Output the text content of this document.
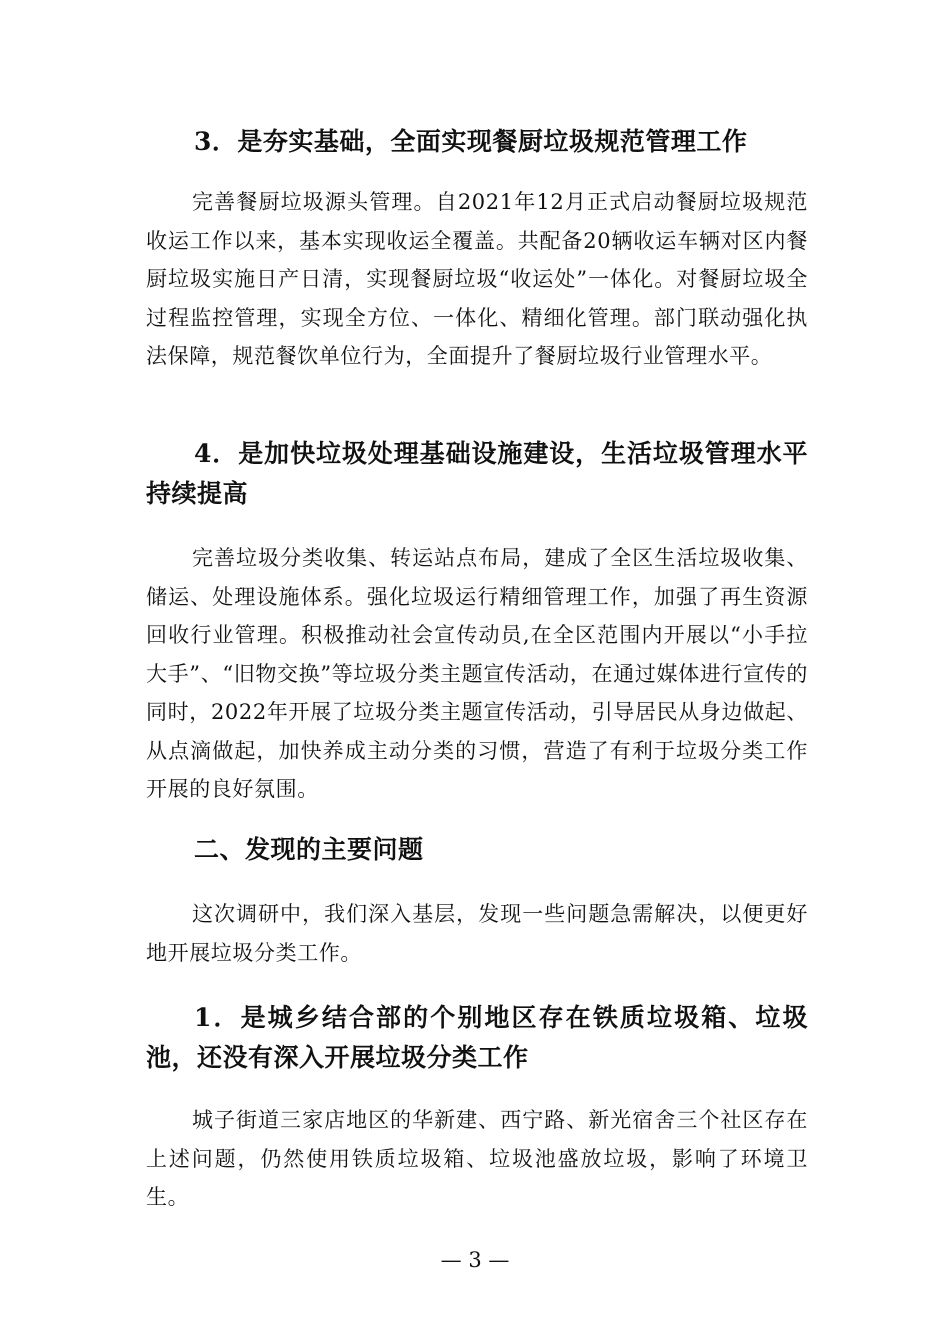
3．是夯实基础，全面实现餐厨垃圾规范管理工作
完善餐厨垃圾源头管理。自2021年12月正式启动餐厨垃圾规范收运工作以来，基本实现收运全覆盖。共配备20辆收运车辆对区内餐厨垃圾实施日产日清，实现餐厨垃圾“收运处”一体化。对餐厨垃圾全过程监控管理，实现全方位、一体化、精细化管理。部门联动强化执法保障，规范餐饮单位行为，全面提升了餐厨垃圾行业管理水平。
4．是加快垃圾处理基础设施建设，生活垃圾管理水平持续提高
完善垃圾分类收集、转运站点布局，建成了全区生活垃圾收集、储运、处理设施体系。强化垃圾运行精细管理工作，加强了再生资源回收行业管理。积极推动社会宣传动员,在全区范围内开展以“小手拉大手”、“旧物交换”等垃圾分类主题宣传活动，在通过媒体进行宣传的同时，2022年开展了垃圾分类主题宣传活动，引导居民从身边做起、从点滴做起，加快养成主动分类的习惯，营造了有利于垃圾分类工作开展的良好氛围。
二、发现的主要问题
这次调研中，我们深入基层，发现一些问题急需解决，以便更好地开展垃圾分类工作。
1．是城乡结合部的个别地区存在铁质垃圾箱、垃圾池，还没有深入开展垃圾分类工作
城子街道三家店地区的华新建、西宁路、新光宿舍三个社区存在上述问题，仍然使用铁质垃圾箱、垃圾池盛放垃圾，影响了环境卫生。
— 3 —
